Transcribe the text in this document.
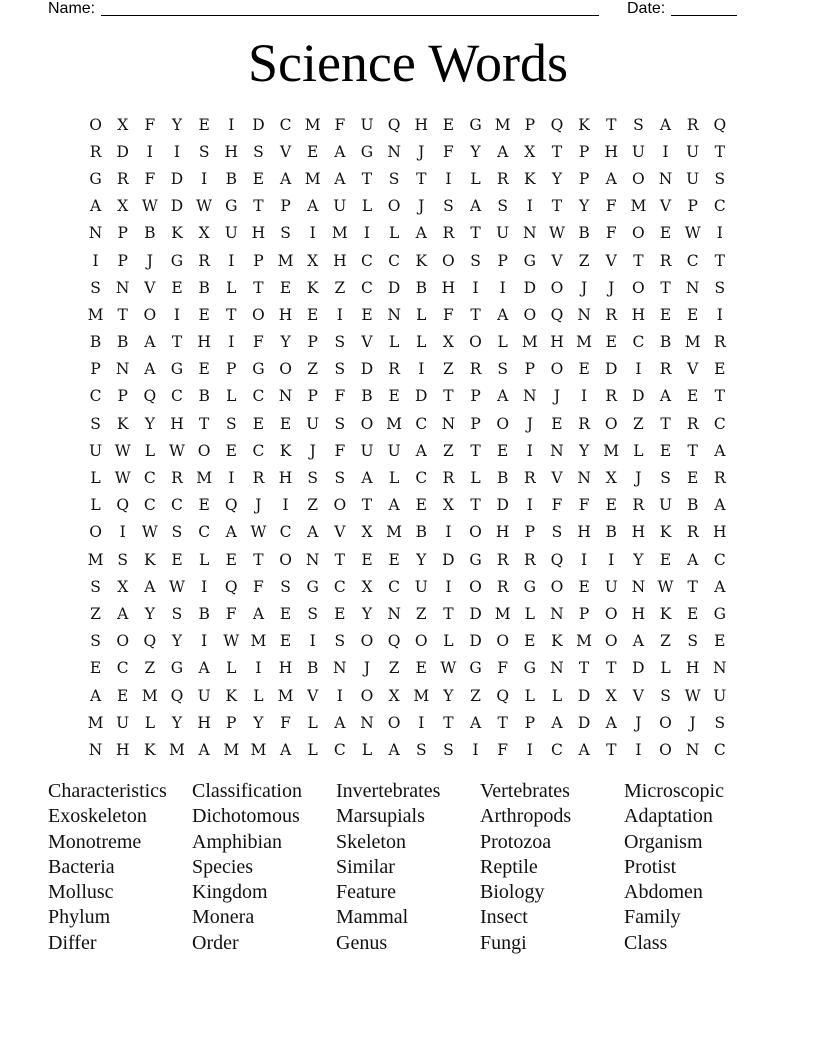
Name:	Date:
Science Words
O X	F	Y	E	I	D C M F U Q H E G M P	Q K	T	S	A	R Q
R D	I	I	S H S	V	E	A G N	J	F	Y	A	X	T	P H U	I	U T
G R	F	D	I	B	E	A M A	T	S	T	I	L	R	K	Y	P	A O N U S
A	X W D W G	T	P	A U L	O	J	S	A	S	I	T	Y	F M V	P	C
N P	B	K	X U H S	I	M	I	L	A	R	T U N W B	F O E W	I
I	P	J	G R	I	P M X H C C K O S	P	G V	Z	V	T	R C	T
S N V	E	B	L	T	E	K	Z	C D B H	I	I	D O	J	J	O	T N S
M T	O	I	E	T	O H E	I	E N L	F	T	A O Q N R H E	E	I
B	B	A	T H	I	F	Y	P	S	V	L	L	X O	L M H M E	C	B M R
P N A G E	P	G O Z	S	D R	I	Z	R	S	P	O E D	I	R	V	E
C	P	Q C	B	L	C N P	F	B	E D	T	P	A N	J	I	R D A	E	T
S	K	Y H T	S	E	E U S O M C N P	O	J	E	R O Z	T	R C
U W L W O E	C K	J	F U U A	Z	T	E	I	N Y M L	E	T	A
L W C R M	I	R H S	S	A	L	C R	L	B	R	V N X	J	S	E	R
L	Q C C	E Q	J	I	Z O	T	A	E	X	T	D	I	F	F	E	R U B	A
O	I	W S	C	A W C	A	V	X M B	I	O H P	S H B H K	R H
M S	K	E	L	E	T	O N T	E	E	Y	D G R R Q	I	I	Y	E	A	C
S	X	A W	I	Q F	S	G C	X	C U	I	O R G O E U N W T	A
Z	A	Y	S	B	F	A	E	S	E	Y N Z	T	D M L N P	O H K	E G
S O Q	Y	I	W M E	I	S O Q O	L	D O E	K M O A	Z	S	E
E	C	Z	G A	L	I	H B N	J	Z	E W G	F	G N T	T	D	L H N
A	E M Q U K	L M V	I	O X M Y	Z Q	L	L	D X	V	S W U
M U L	Y H P	Y	F	L	A N O	I	T	A	T	P	A D A	J	O	J	S
N H K M A M M A	L	C	L	A	S	S	I	F	I	C	A	T	I	O N C
Characteristics	Classification	Invertebrates	Vertebrates	Microscopic
Exoskeleton	Dichotomous	Marsupials	Arthropods	Adaptation
Monotreme	Amphibian	Skeleton	Protozoa	Organism
Bacteria	Species	Similar	Reptile	Protist
Mollusc	Kingdom	Feature	Biology	Abdomen
Phylum	Monera	Mammal	Insect	Family
Differ	Order	Genus	Fungi	Class
